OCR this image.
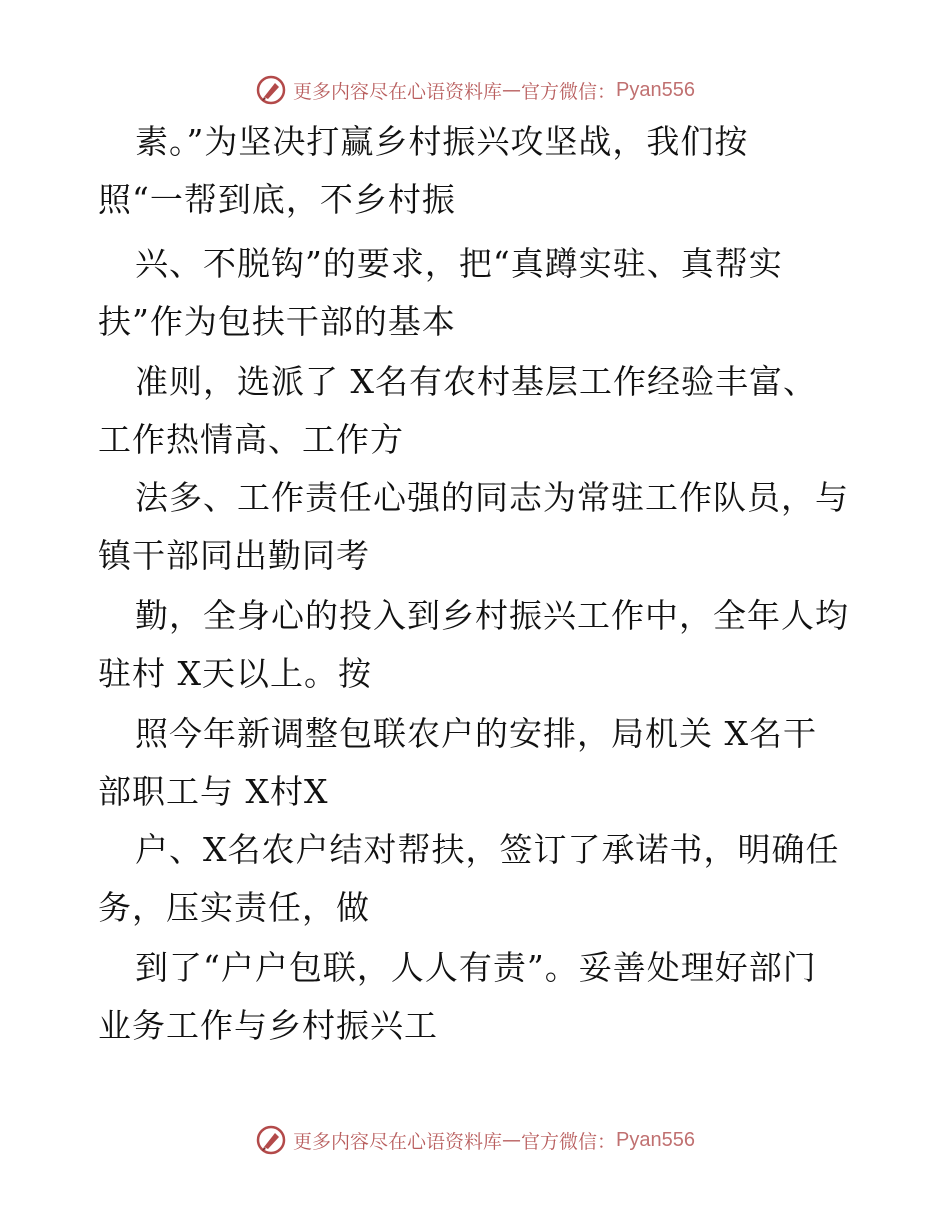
更多内容尽在心语资料库 — 官方微信： Pyan556
素。”为坚决打赢乡村振兴攻坚战，我们按
照“一帮到底，不乡村振
兴、不脱钩”的要求，把“真蹲实驻、真帮实
扶”作为包扶干部的基本
准则，选派了 X名有农村基层工作经验丰富、
工作热情高、工作方
法多、工作责任心强的同志为常驻工作队员，与
镇干部同出勤同考
勤，全身心的投入到乡村振兴工作中，全年人均
驻村 X天以上。按
照今年新调整包联农户的安排，局机关 X名干
部职工与 X村X
户、X名农户结对帮扶，签订了承诺书，明确任
务，压实责任，做
到了“户户包联，人人有责”。妥善处理好部门
业务工作与乡村振兴工
更多内容尽在心语资料库 — 官方微信： Pyan556
